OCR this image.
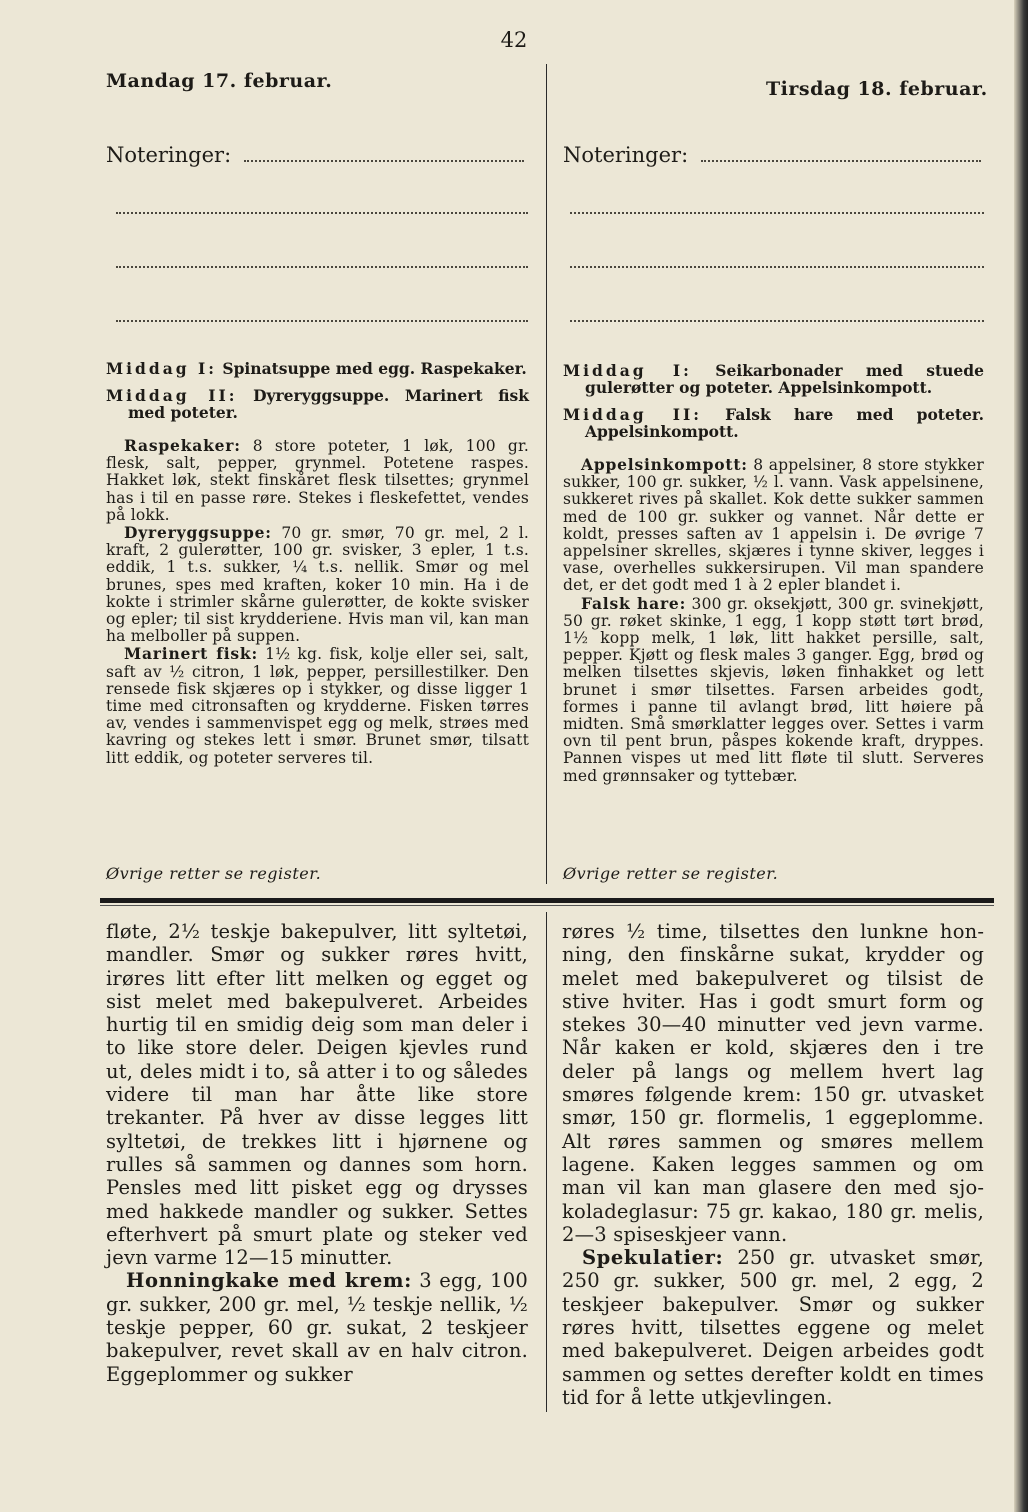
42
Mandag 17. februar.
Noteringer:

Middag I: Spinatsuppe med egg. Raspekaker.

Middag II: Dyreryggsuppe. Marinert fisk med poteter.

Raspekaker: 8 store poteter, 1 løk, 100 gr. flesk, salt, pepper, grynmel. Potetene raspes. Hakket løk, stekt finskåret flesk tilsettes; grynmel has i til en passe røre. Stekes i fleskefettet, vendes på lokk.

Dyreryggsuppe: 70 gr. smør, 70 gr. mel, 2 l. kraft, 2 gulerøtter, 100 gr. svisker, 3 epler, 1 t.s. eddik, 1 t.s. sukker, ¼ t.s. nellik. Smør og mel brunes, spes med kraften, koker 10 min. Ha i de kokte i strimler skårne gulerøtter, de kokte svisker og epler; til sist krydderiene. Hvis man vil, kan man ha melboller på suppen.

Marinert fisk: 1½ kg. fisk, kolje eller sei, salt, saft av ½ citron, 1 løk, pepper, persillestilker. Den rensede fisk skjæres op i stykker, og disse ligger 1 time med citronsaften og krydderne. Fisken tørres av, vendes i sammenvispet egg og melk, strøes med kavring og stekes lett i smør. Brunet smør, tilsatt litt eddik, og poteter serveres til.

Øvrige retter se register.
Tirsdag 18. februar.
Noteringer:

Middag I: Seikarbonader med stuede gulerøtter og poteter. Appelsinkompott.

Middag II: Falsk hare med poteter. Appelsinkompott.

Appelsinkompott: 8 appelsiner, 8 store stykker sukker, 100 gr. sukker, ½ l. vann. Vask appelsinene, sukkeret rives på skallet. Kok dette sukker sammen med de 100 gr. sukker og vannet. Når dette er koldt, presses saften av 1 appelsin i. De øvrige 7 appelsiner skrelles, skjæres i tynne skiver, legges i vase, overhelles sukkersirupen. Vil man spandere det, er det godt med 1 à 2 epler blandet i.

Falsk hare: 300 gr. oksekjøtt, 300 gr. svinekjøtt, 50 gr. røket skinke, 1 egg, 1 kopp støtt tørt brød, 1½ kopp melk, 1 løk, litt hakket persille, salt, pepper. Kjøtt og flesk males 3 ganger. Egg, brød og melken tilsettes skjevis, løken finhakket og lett brunet i smør tilsettes. Farsen arbeides godt, formes i panne til avlangt brød, litt høiere på midten. Små smørklatter legges over. Settes i varm ovn til pent brun, påspes kokende kraft, dryppes. Pannen vispes ut med litt fløte til slutt. Serveres med grønnsaker og tyttebær.

Øvrige retter se register.

fløte, 2½ teskje bakepulver, litt syltetøi, mandler. Smør og sukker røres hvitt, irøres litt efter litt melken og egget og sist melet med bakepulveret. Arbeides hurtig til en smidig deig som man deler i to like store deler. Deigen kjevles rund ut, deles midt i to, så atter i to og således videre til man har åtte like store trekanter. På hver av disse legges litt syltetøi, de trekkes litt i hjørnene og rulles så sammen og dannes som horn. Pensles med litt pisket egg og drysses med hakkede mandler og sukker. Settes efterhvert på smurt plate og steker ved jevn varme 12—15 minutter.

Honningkake med krem: 3 egg, 100 gr. sukker, 200 gr. mel, ½ teskje nellik, ½ teskje pepper, 60 gr. sukat, 2 teskjeer bakepulver, revet skall av en halv citron. Eggeplommer og sukker

røres ½ time, tilsettes den lunkne honning, den finskårne sukat, krydder og melet med bakepulveret og tilsist de stive hviter. Has i godt smurt form og stekes 30—40 minutter ved jevn varme. Når kaken er kold, skjæres den i tre deler på langs og mellem hvert lag smøres følgende krem: 150 gr. utvasket smør, 150 gr. flormelis, 1 eggeplomme. Alt røres sammen og smøres mellem lagene. Kaken legges sammen og om man vil kan man glasere den med sjokoladeglasur: 75 gr. kakao, 180 gr. melis, 2—3 spiseskjeer vann.

Spekulatier: 250 gr. utvasket smør, 250 gr. sukker, 500 gr. mel, 2 egg, 2 teskjeer bakepulver. Smør og sukker røres hvitt, tilsettes eggene og melet med bakepulveret. Deigen arbeides godt sammen og settes derefter koldt en times tid for å lette utkjevlingen.
